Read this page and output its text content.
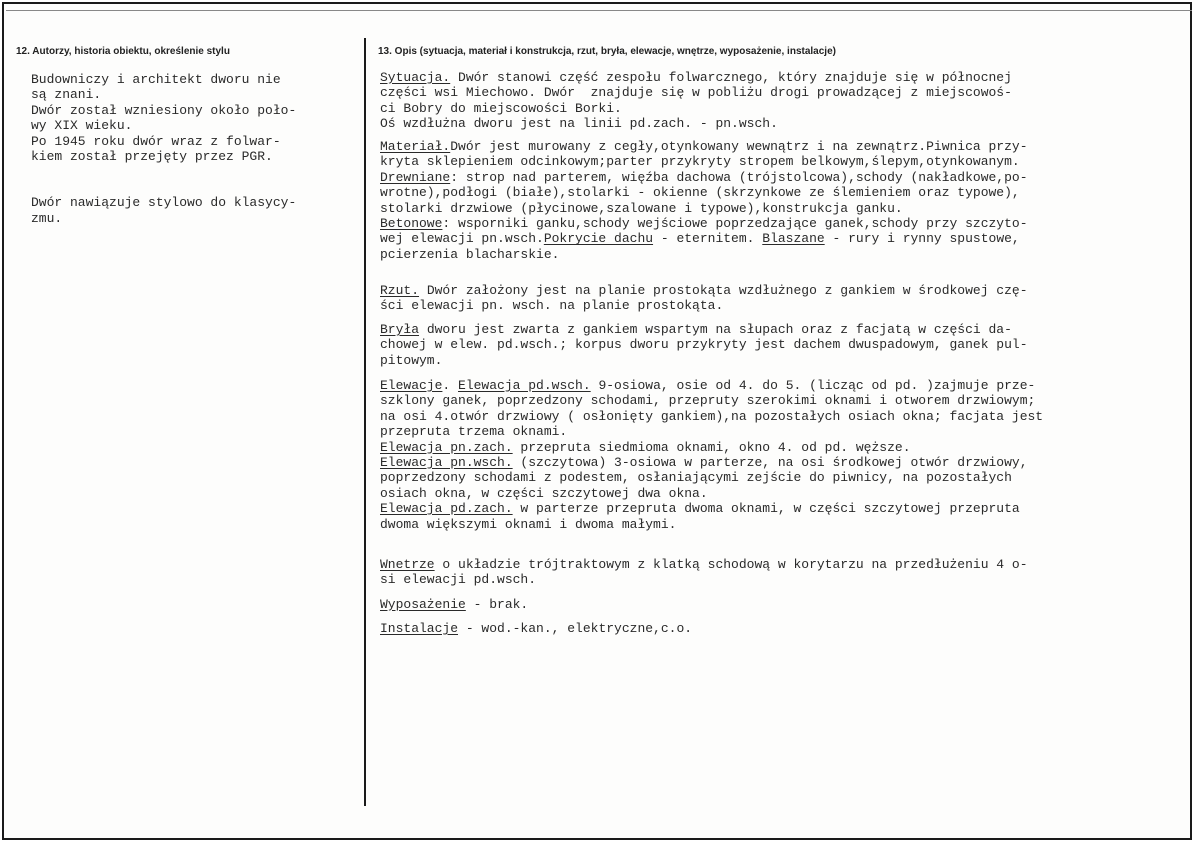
12. Autorzy, historia obiektu, określenie stylu	13. Opis (sytuacja, materiał i konstrukcja, rzut, bryła, elewacje, wnętrze, wyposażenie, instalacje)
Budowniczy i architekt dworu nie
są znani.
Dwór został wzniesiony około poło-
wy XIX wieku.
Po 1945 roku dwór wraz z folwar-
kiem został przejęty przez PGR.
Dwór nawiązuje stylowo do klasycy-
zmu.
Sytuacja. Dwór stanowi część zespołu folwarcznego, który znajduje się w północnej
części wsi Miechowo. Dwór  znajduje się w pobliżu drogi prowadzącej z miejscowoś-
ci Bobry do miejscowości Borki.
Oś wzdłużna dworu jest na linii pd.zach. - pn.wsch.
Materiał.Dwór jest murowany z cegły,otynkowany wewnątrz i na zewnątrz.Piwnica przy-
kryta sklepieniem odcinkowym;parter przykryty stropem belkowym,ślepym,otynkowanym.
Drewniane: strop nad parterem, więźba dachowa (trójstolcowa),schody (nakładkowe,po-
wrotne),podłogi (białe),stolarki - okienne (skrzynkowe ze ślemieniem oraz typowe),
stolarki drzwiowe (płycinowe,szalowane i typowe),konstrukcja ganku.
Betonowe: wsporniki ganku,schody wejściowe poprzedzające ganek,schody przy szczyto-
wej elewacji pn.wsch.Pokrycie dachu - eternitem. Blaszane - rury i rynny spustowe,
pcierzenia blacharskie.
Rzut. Dwór założony jest na planie prostokąta wzdłużnego z gankiem w środkowej czę-
ści elewacji pn. wsch. na planie prostokąta.
Bryła dworu jest zwarta z gankiem wspartym na słupach oraz z facjatą w części da-
chowej w elew. pd.wsch.; korpus dworu przykryty jest dachem dwuspadowym, ganek pul-
pitowym.
Elewacje. Elewacja pd.wsch. 9-osiowa, osie od 4. do 5. (licząc od pd. )zajmuje prze-
szklony ganek, poprzedzony schodami, przepruty szerokimi oknami i otworem drzwiowym;
na osi 4.otwór drzwiowy ( osłonięty gankiem),na pozostałych osiach okna; facjata jest
przepruta trzema oknami.
Elewacja pn.zach. przepruta siedmioma oknami, okno 4. od pd. węższe.
Elewacja pn.wsch. (szczytowa) 3-osiowa w parterze, na osi środkowej otwór drzwiowy,
poprzedzony schodami z podestem, osłaniającymi zejście do piwnicy, na pozostałych
osiach okna, w części szczytowej dwa okna.
Elewacja pd.zach. w parterze przepruta dwoma oknami, w części szczytowej przepruta
dwoma większymi oknami i dwoma małymi.
Wnetrze o układzie trójtraktowym z klatką schodową w korytarzu na przedłużeniu 4 o-
si elewacji pd.wsch.
Wyposażenie - brak.
Instalacje - wod.-kan., elektryczne,c.o.
